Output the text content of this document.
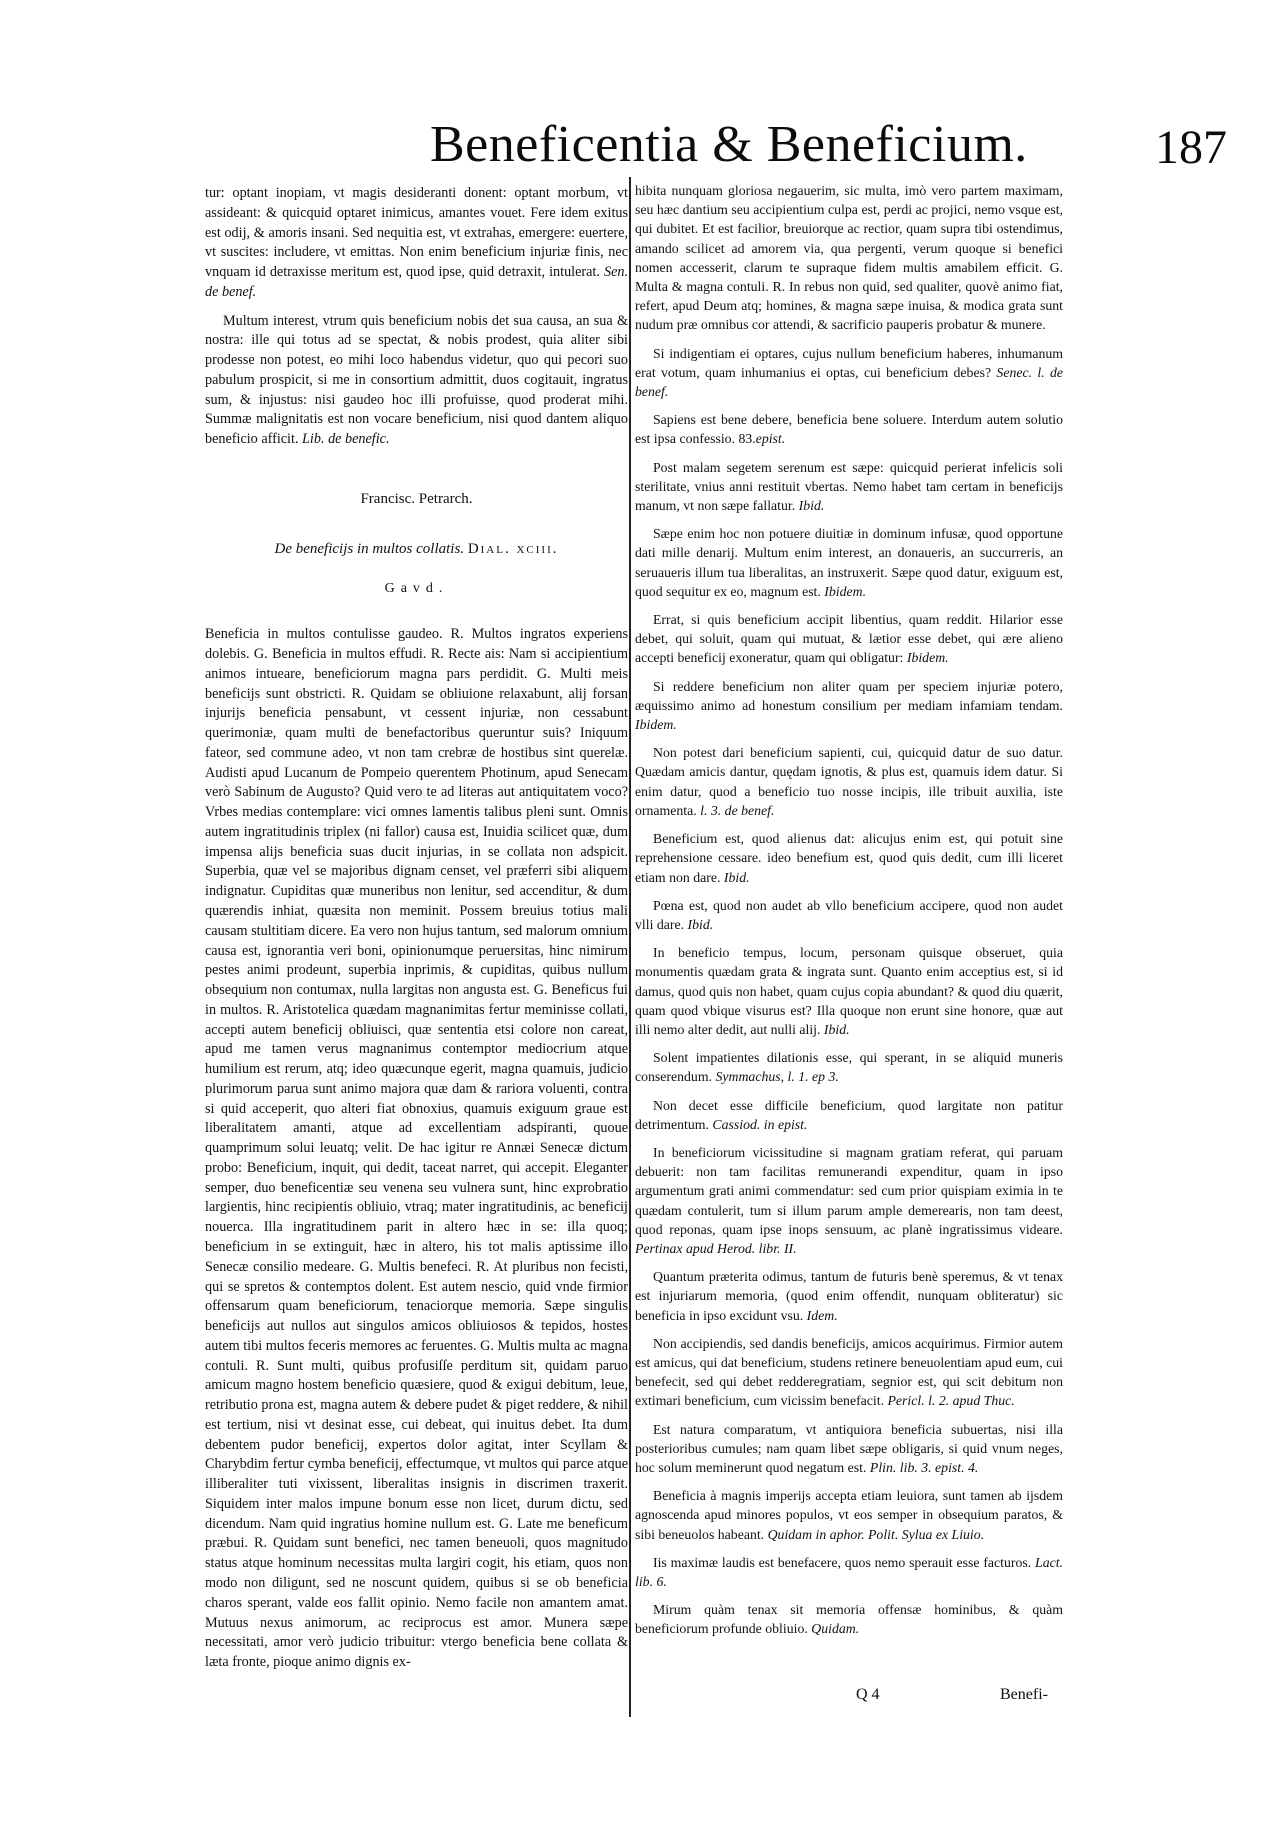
Beneficentia & Beneficium.	187

tur: optant inopiam, vt magis desideranti donent: optant morbum, vt assideant: & quicquid optaret inimicus, amantes vouet. Fere idem exitus est odij, & amoris insani. Sed nequitia est, vt extrahas, emergere: euertere, vt suscites: includere, vt emittas. Non enim beneficium injuriæ finis, nec vnquam id detraxisse meritum est, quod ipse, quid detraxit, intulerat. Sen. de benef.

Multum interest, vtrum quis beneficium nobis det sua causa, an sua & nostra: ille qui totus ad se spectat, & nobis prodest, quia aliter sibi prodesse non potest, eo mihi loco habendus videtur, quo qui pecori suo pabulum prospicit, si me in consortium admittit, duos cogitauit, ingratus sum, & injustus: nisi gaudeo hoc illi profuisse, quod proderat mihi. Summæ malignitatis est non vocare beneficium, nisi quod dantem aliquo beneficio afficit. Lib. de benefic.

Francisc. Petrarch.

De beneficijs in multos collatis. Dial. xciii.

Gavd.

Beneficia in multos contulisse gaudeo. R. Multos ingratos experiens dolebis. G. Beneficia in multos effudi. R. Recte ais: Nam si accipientium animos intueare, beneficiorum magna pars perdidit. G. Multi meis beneficijs sunt obstricti. R. Quidam se obliuione relaxabunt, alij forsan injurijs beneficia pensabunt, vt cessent injuriæ, non cessabunt querimoniæ, quam multi de benefactoribus queruntur suis? Iniquum fateor, sed commune adeo, vt non tam crebræ de hostibus sint querelæ. Audisti apud Lucanum de Pompeio querentem Photinum, apud Senecam verò Sabinum de Augusto? Quid vero te ad literas aut antiquitatem voco? Vrbes medias contemplare: vici omnes lamentis talibus pleni sunt. Omnis autem ingratitudinis triplex (ni fallor) causa est, Inuidia scilicet quæ, dum impensa alijs beneficia suas ducit injurias, in se collata non adspicit. Superbia, quæ vel se majoribus dignam censet, vel præferri sibi aliquem indignatur. Cupiditas quæ muneribus non lenitur, sed accenditur, & dum quærendis inhiat, quæsita non meminit. Possem breuius totius mali causam stultitiam dicere. Ea vero non hujus tantum, sed malorum omnium causa est, ignorantia veri boni, opinionumque peruersitas, hinc nimirum pestes animi prodeunt, superbia inprimis, & cupiditas, quibus nullum obsequium non contumax, nulla largitas non angusta est. G. Beneficus fui in multos. R. Aristotelica quædam magnanimitas fertur meminisse collati, accepti autem beneficij obliuisci, quæ sententia etsi colore non careat, apud me tamen verus magnanimus contemptor mediocrium atque humilium est rerum, atq; ideo quæcunque egerit, magna quamuis, judicio plurimorum parua sunt animo majora quæ dam & rariora voluenti, contra si quid acceperit, quo alteri fiat obnoxius, quamuis exiguum graue est liberalitatem amanti, atque ad excellentiam adspiranti, quoue quamprimum solui leuatq; velit. De hac igitur re Annæi Senecæ dictum probo: Beneficium, inquit, qui dedit, taceat narret, qui accepit. Eleganter semper, duo beneficentiæ seu venena seu vulnera sunt, hinc exprobratio largientis, hinc recipientis obliuio, vtraq; mater ingratitudinis, ac beneficij nouerca. Illa ingratitudinem parit in altero hæc in se: illa quoq; beneficium in se extinguit, hæc in altero, his tot malis aptissime illo Senecæ consilio medeare. G. Multis benefeci. R. At pluribus non fecisti, qui se spretos & contemptos dolent. Est autem nescio, quid vnde firmior offensarum quam beneficiorum, tenaciorque memoria. Sæpe singulis beneficijs aut nullos aut singulos amicos obliuiosos & tepidos, hostes autem tibi multos feceris memores ac feruentes. G. Multis multa ac magna contuli. R. Sunt multi, quibus profusiſſe perditum sit, quidam paruo amicum magno hostem beneficio quæsiere, quod & exigui debitum, leue, retributio prona est, magna autem & debere pudet & piget reddere, & nihil est tertium, nisi vt desinat esse, cui debeat, qui inuitus debet. Ita dum debentem pudor beneficij, expertos dolor agitat, inter Scyllam & Charybdim fertur cymba beneficij, effectumque, vt multos qui parce atque illiberaliter tuti vixissent, liberalitas insignis in discrimen traxerit. Siquidem inter malos impune bonum esse non licet, durum dictu, sed dicendum. Nam quid ingratius homine nullum est. G. Late me beneficum præbui. R. Quidam sunt benefici, nec tamen beneuoli, quos magnitudo status atque hominum necessitas multa largiri cogit, his etiam, quos non modo non diligunt, sed ne noscunt quidem, quibus si se ob beneficia charos sperant, valde eos fallit opinio. Nemo facile non amantem amat. Mutuus nexus animorum, ac reciprocus est amor. Munera sæpe necessitati, amor verò judicio tribuitur: vtergo beneficia bene collata & læta fronte, pioque animo dignis ex-

hibita nunquam gloriosa negauerim, sic multa, imò vero partem maximam, seu hæc dantium seu accipientium culpa est, perdi ac projici, nemo vsque est, qui dubitet. Et est facilior, breuiorque ac rectior, quam supra tibi ostendimus, amando scilicet ad amorem via, qua pergenti, verum quoque si benefici nomen accesserit, clarum te supraque fidem multis amabilem efficit. G. Multa & magna contuli. R. In rebus non quid, sed qualiter, quovè animo fiat, refert, apud Deum atq; homines, & magna sæpe inuisa, & modica grata sunt nudum præ omnibus cor attendi, & sacrificio pauperis probatur & munere.

Si indigentiam ei optares, cujus nullum beneficium haberes, inhumanum erat votum, quam inhumanius ei optas, cui beneficium debes? Senec. l. de benef.

Sapiens est bene debere, beneficia bene soluere. Interdum autem solutio est ipsa confessio. 83.epist.

Post malam segetem serenum est sæpe: quicquid perierat infelicis soli sterilitate, vnius anni restituit vbertas. Nemo habet tam certam in beneficijs manum, vt non sæpe fallatur. Ibid.

Sæpe enim hoc non potuere diuitiæ in dominum infusæ, quod opportune dati mille denarij. Multum enim interest, an donaueris, an succurreris, an seruaueris illum tua liberalitas, an instruxerit. Sæpe quod datur, exiguum est, quod sequitur ex eo, magnum est. Ibidem.

Errat, si quis beneficium accipit libentius, quam reddit. Hilarior esse debet, qui soluit, quam qui mutuat, & lætior esse debet, qui ære alieno accepti beneficij exoneratur, quam qui obligatur: Ibidem.

Si reddere beneficium non aliter quam per speciem injuriæ potero, æquissimo animo ad honestum consilium per mediam infamiam tendam. Ibidem.

Non potest dari beneficium sapienti, cui, quicquid datur de suo datur. Quædam amicis dantur, quędam ignotis, & plus est, quamuis idem datur. Si enim datur, quod a beneficio tuo nosse incipis, ille tribuit auxilia, iste ornamenta. l. 3. de benef.

Beneficium est, quod alienus dat: alicujus enim est, qui potuit sine reprehensione cessare. ideo benefium est, quod quis dedit, cum illi liceret etiam non dare. Ibid.

Pœna est, quod non audet ab vllo beneficium accipere, quod non audet vlli dare. Ibid.

In beneficio tempus, locum, personam quisque obseruet, quia monumentis quædam grata & ingrata sunt. Quanto enim acceptius est, si id damus, quod quis non habet, quam cujus copia abundant? & quod diu quærit, quam quod vbique visurus est? Illa quoque non erunt sine honore, quæ aut illi nemo alter dedit, aut nulli alij. Ibid.

Solent impatientes dilationis esse, qui sperant, in se aliquid muneris conserendum. Symmachus, l. 1. ep 3.

Non decet esse difficile beneficium, quod largitate non patitur detrimentum. Cassiod. in epist.

In beneficiorum vicissitudine si magnam gratiam referat, qui paruam debuerit: non tam facilitas remunerandi expenditur, quam in ipso argumentum grati animi commendatur: sed cum prior quispiam eximia in te quædam contulerit, tum si illum parum ample demerearis, non tam deest, quod reponas, quam ipse inops sensuum, ac planè ingratissimus videare. Pertinax apud Herod. libr. II.

Quantum præterita odimus, tantum de futuris benè speremus, & vt tenax est injuriarum memoria, (quod enim offendit, nunquam obliteratur) sic beneficia in ipso excidunt vsu. Idem.

Non accipiendis, sed dandis beneficijs, amicos acquirimus. Firmior autem est amicus, qui dat beneficium, studens retinere beneuolentiam apud eum, cui benefecit, sed qui debet redderegratiam, segnior est, qui scit debitum non extimari beneficium, cum vicissim benefacit. Pericl. l. 2. apud Thuc.

Est natura comparatum, vt antiquiora beneficia subuertas, nisi illa posterioribus cumules; nam quam libet sæpe obligaris, si quid vnum neges, hoc solum meminerunt quod negatum est. Plin. lib. 3. epist. 4.

Beneficia à magnis imperijs accepta etiam leuiora, sunt tamen ab ijsdem agnoscenda apud minores populos, vt eos semper in obsequium paratos, & sibi beneuolos habeant. Quidam in aphor. Polit. Sylua ex Liuio.

Iis maximæ laudis est benefacere, quos nemo sperauit esse facturos. Lact. lib. 6.

Mirum quàm tenax sit memoria offensæ hominibus, & quàm beneficiorum profunde obliuio. Quidam.

Q 4	Benefi-
